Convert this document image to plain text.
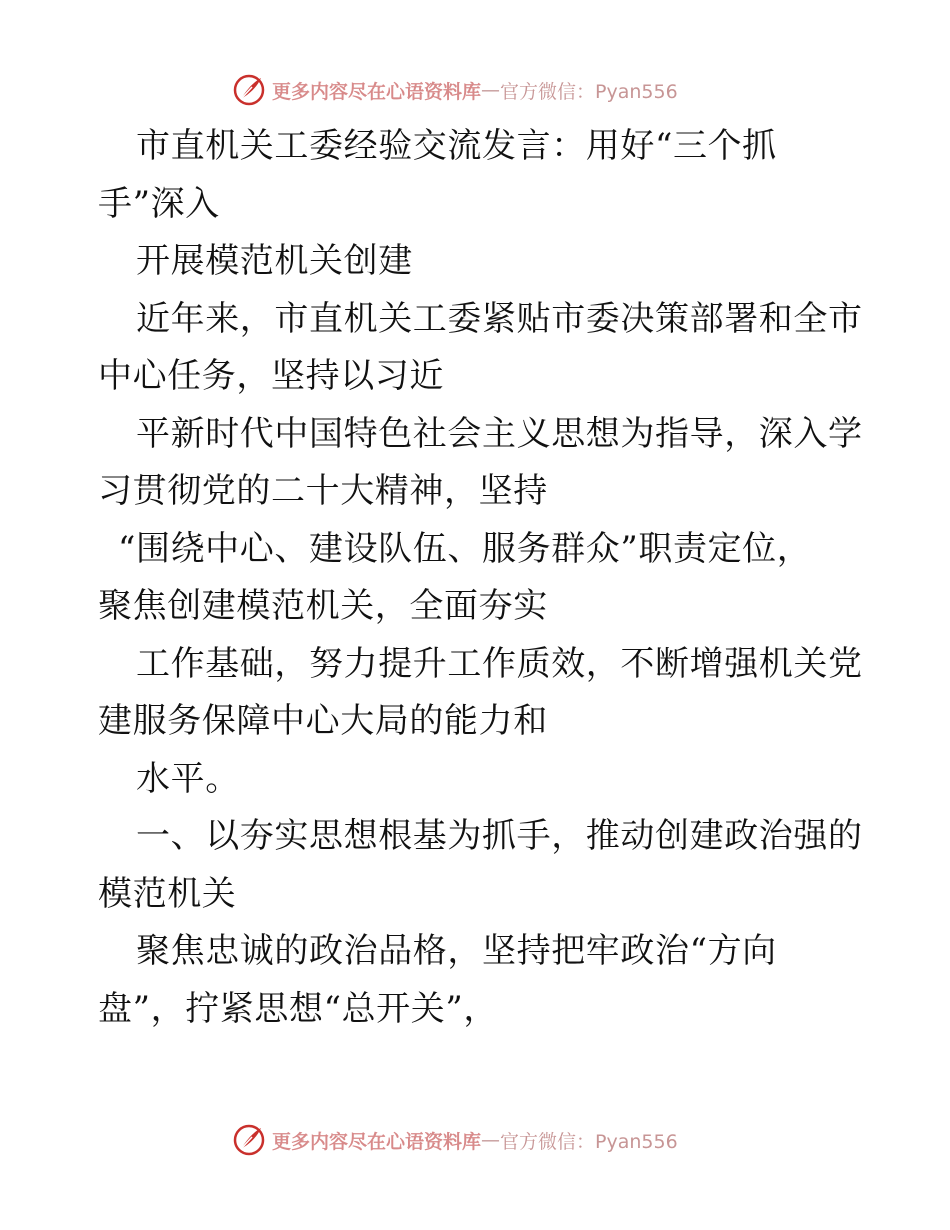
更多内容尽在心语资料库 — 官方微信：Pyan556
市直机关工委经验交流发言：用好“三个抓
手”深入
开展模范机关创建
近年来，市直机关工委紧贴市委决策部署和全市
中心任务，坚持以习近
平新时代中国特色社会主义思想为指导，深入学
习贯彻党的二十大精神，坚持
“围绕中心、建设队伍、服务群众”职责定位，
聚焦创建模范机关，全面夯实
工作基础，努力提升工作质效，不断增强机关党
建服务保障中心大局的能力和
水平。
一、以夯实思想根基为抓手，推动创建政治强的
模范机关
聚焦忠诚的政治品格，坚持把牢政治“方向
盘”，拧紧思想“总开关”，
更多内容尽在心语资料库 — 官方微信：Pyan556
